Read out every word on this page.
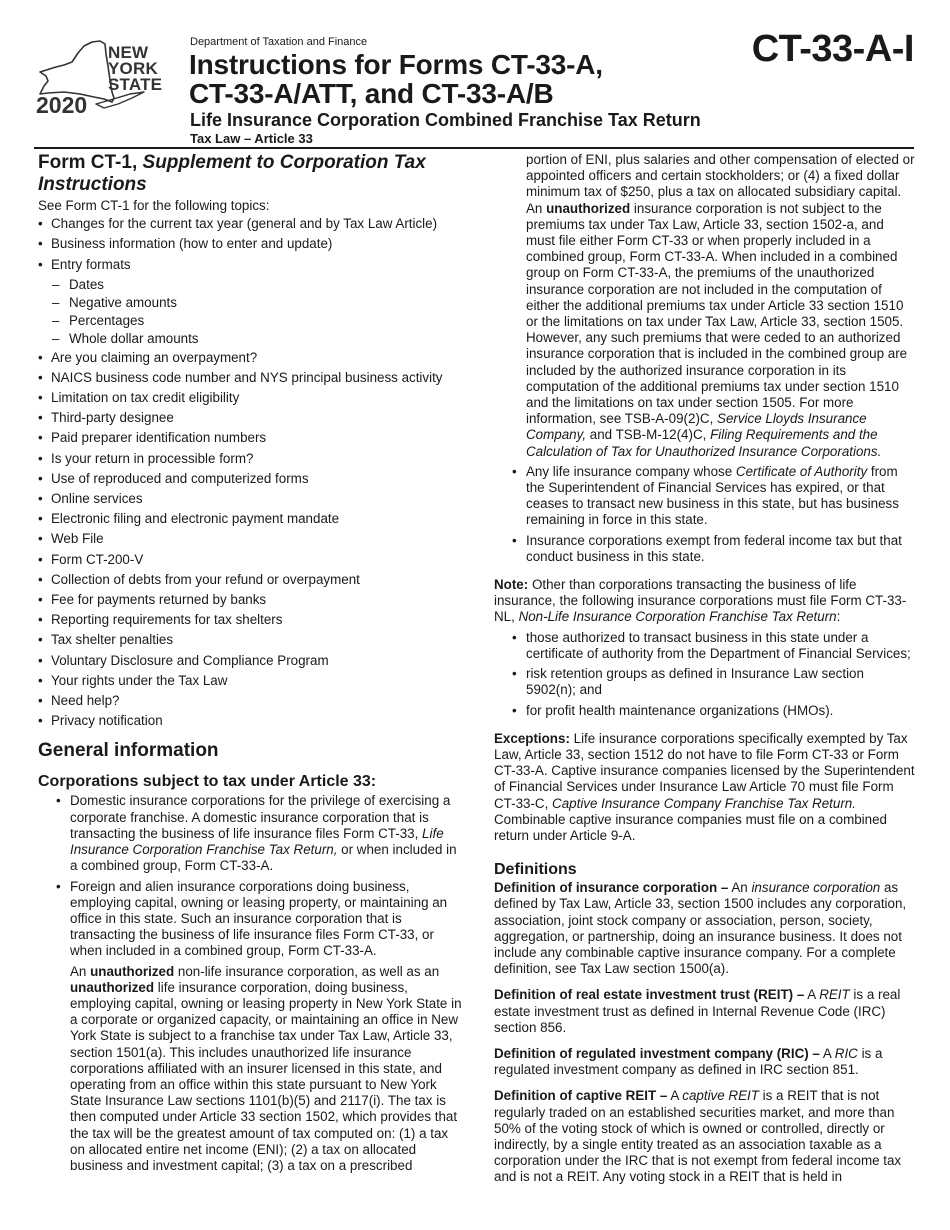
NEW
YORK
STATE
2020
Department of Taxation and Finance
Instructions for Forms CT-33-A,
CT-33-A/ATT, and CT-33-A/B
Life Insurance Corporation Combined Franchise Tax Return
Tax Law – Article 33
CT-33-A-I
Form CT-1, Supplement to Corporation Tax Instructions

See Form CT-1 for the following topics:

• Changes for the current tax year (general and by Tax Law Article)
• Business information (how to enter and update)
• Entry formats
– Dates
– Negative amounts
– Percentages
– Whole dollar amounts
• Are you claiming an overpayment?
• NAICS business code number and NYS principal business activity
• Limitation on tax credit eligibility
• Third-party designee
• Paid preparer identification numbers
• Is your return in processible form?
• Use of reproduced and computerized forms
• Online services
• Electronic filing and electronic payment mandate
• Web File
• Form CT-200-V
• Collection of debts from your refund or overpayment
• Fee for payments returned by banks
• Reporting requirements for tax shelters
• Tax shelter penalties
• Voluntary Disclosure and Compliance Program
• Your rights under the Tax Law
• Need help?
• Privacy notification
General information
Corporations subject to tax under Article 33:
• Domestic insurance corporations for the privilege of exercising a corporate franchise. A domestic insurance corporation that is transacting the business of life insurance files Form CT-33, Life Insurance Corporation Franchise Tax Return, or when included in a combined group, Form CT-33-A.
• Foreign and alien insurance corporations doing business, employing capital, owning or leasing property, or maintaining an office in this state. Such an insurance corporation that is transacting the business of life insurance files Form CT-33, or when included in a combined group, Form CT-33-A.

An unauthorized non-life insurance corporation, as well as an unauthorized life insurance corporation, doing business, employing capital, owning or leasing property in New York State in a corporate or organized capacity, or maintaining an office in New York State is subject to a franchise tax under Tax Law, Article 33, section 1501(a). This includes unauthorized life insurance corporations affiliated with an insurer licensed in this state, and operating from an office within this state pursuant to New York State Insurance Law sections 1101(b)(5) and 2117(i). The tax is then computed under Article 33 section 1502, which provides that the tax will be the greatest amount of tax computed on: (1) a tax on allocated entire net income (ENI); (2) a tax on allocated business and investment capital; (3) a tax on a prescribed

portion of ENI, plus salaries and other compensation of elected or appointed officers and certain stockholders; or (4) a fixed dollar minimum tax of $250, plus a tax on allocated subsidiary capital. An unauthorized insurance corporation is not subject to the premiums tax under Tax Law, Article 33, section 1502-a, and must file either Form CT-33 or when properly included in a combined group, Form CT-33-A. When included in a combined group on Form CT-33-A, the premiums of the unauthorized insurance corporation are not included in the computation of either the additional premiums tax under Article 33 section 1510 or the limitations on tax under Tax Law, Article 33, section 1505. However, any such premiums that were ceded to an authorized insurance corporation that is included in the combined group are included by the authorized insurance corporation in its computation of the additional premiums tax under section 1510 and the limitations on tax under section 1505. For more information, see TSB-A-09(2)C, Service Lloyds Insurance Company, and TSB-M-12(4)C, Filing Requirements and the Calculation of Tax for Unauthorized Insurance Corporations.

• Any life insurance company whose Certificate of Authority from the Superintendent of Financial Services has expired, or that ceases to transact new business in this state, but has business remaining in force in this state.
• Insurance corporations exempt from federal income tax but that conduct business in this state.

Note: Other than corporations transacting the business of life insurance, the following insurance corporations must file Form CT-33-NL, Non-Life Insurance Corporation Franchise Tax Return:

• those authorized to transact business in this state under a certificate of authority from the Department of Financial Services;
• risk retention groups as defined in Insurance Law section 5902(n); and
• for profit health maintenance organizations (HMOs).

Exceptions: Life insurance corporations specifically exempted by Tax Law, Article 33, section 1512 do not have to file Form CT-33 or Form CT-33-A. Captive insurance companies licensed by the Superintendent of Financial Services under Insurance Law Article 70 must file Form CT-33-C, Captive Insurance Company Franchise Tax Return. Combinable captive insurance companies must file on a combined return under Article 9-A.

Definitions

Definition of insurance corporation – An insurance corporation as defined by Tax Law, Article 33, section 1500 includes any corporation, association, joint stock company or association, person, society, aggregation, or partnership, doing an insurance business. It does not include any combinable captive insurance company. For a complete definition, see Tax Law section 1500(a).

Definition of real estate investment trust (REIT) – A REIT is a real estate investment trust as defined in Internal Revenue Code (IRC) section 856.

Definition of regulated investment company (RIC) – A RIC is a regulated investment company as defined in IRC section 851.

Definition of captive REIT – A captive REIT is a REIT that is not regularly traded on an established securities market, and more than 50% of the voting stock of which is owned or controlled, directly or indirectly, by a single entity treated as an association taxable as a corporation under the IRC that is not exempt from federal income tax and is not a REIT. Any voting stock in a REIT that is held in
